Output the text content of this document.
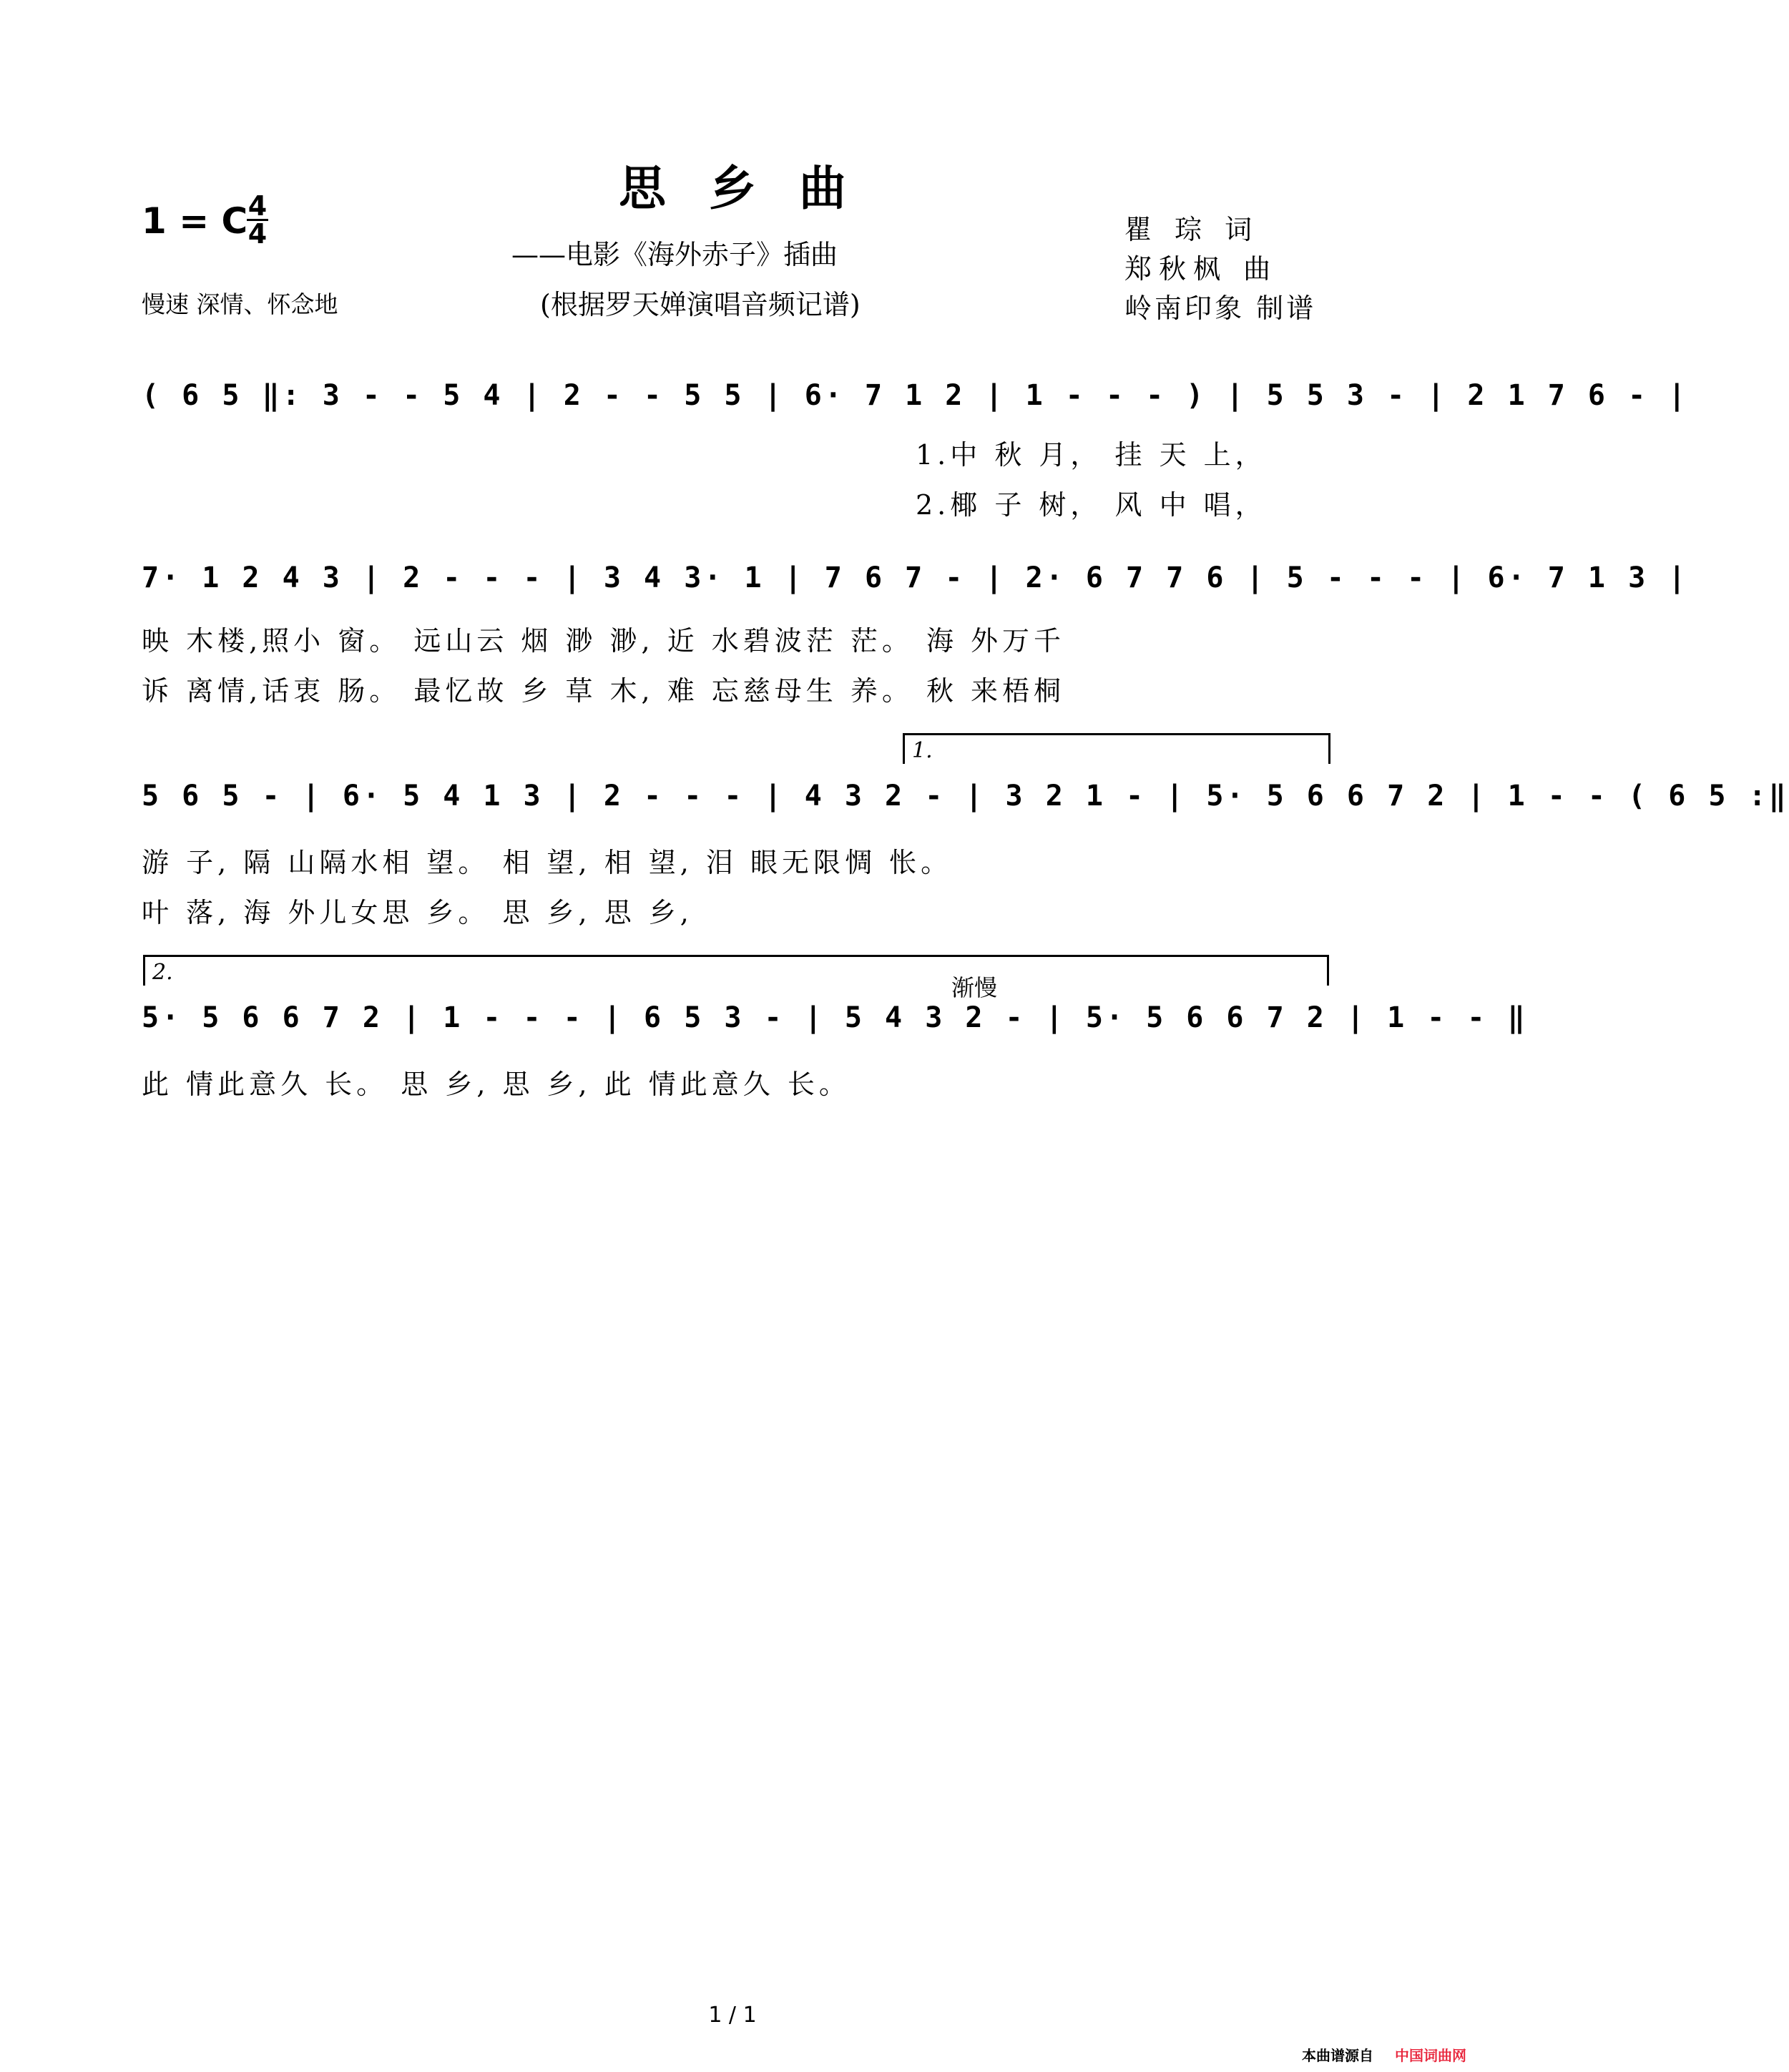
思乡曲
——电影《海外赤子》插曲
(根据罗天婵演唱音频记谱)
1 = C 4
4
慢速 深情、怀念地
瞿 琮 词
郑秋枫 曲
岭南印象 制谱
( 6 5 ‖: 3 - - 5 4 | 2 - - 5 5 | 6· 7 1 2 | 1 - - - ) | 5 5 3 - | 2 1 7 6 - |
1.中 秋 月， 挂 天 上，
2.椰 子 树， 风 中 唱，
7· 1 2 4 3 | 2 - - - | 3 4 3· 1 | 7 6 7 - | 2· 6 7 7 6 | 5 - - - | 6· 7 1 3 |
映 木楼,照小 窗。 远山云 烟 渺 渺, 近 水碧波茫 茫。 海 外万千
诉 离情,话衷 肠。 最忆故 乡 草 木, 难 忘慈母生 养。 秋 来梧桐
1.
5 6 5 - | 6· 5 4 1 3 | 2 - - - | 4 3 2 - | 3 2 1 - | 5· 5 6 6 7 2 | 1 - - ( 6 5 :‖
游 子, 隔 山隔水相 望。 相 望, 相 望, 泪 眼无限惆 怅。
叶 落, 海 外儿女思 乡。 思 乡, 思 乡,
2.
渐慢
5· 5 6 6 7 2 | 1 - - - | 6 5 3 - | 5 4 3 2 - | 5· 5 6 6 7 2 | 1 - - ‖
此 情此意久 长。 思 乡, 思 乡, 此 情此意久 长。
1 / 1
本曲谱源自 中国词曲网
